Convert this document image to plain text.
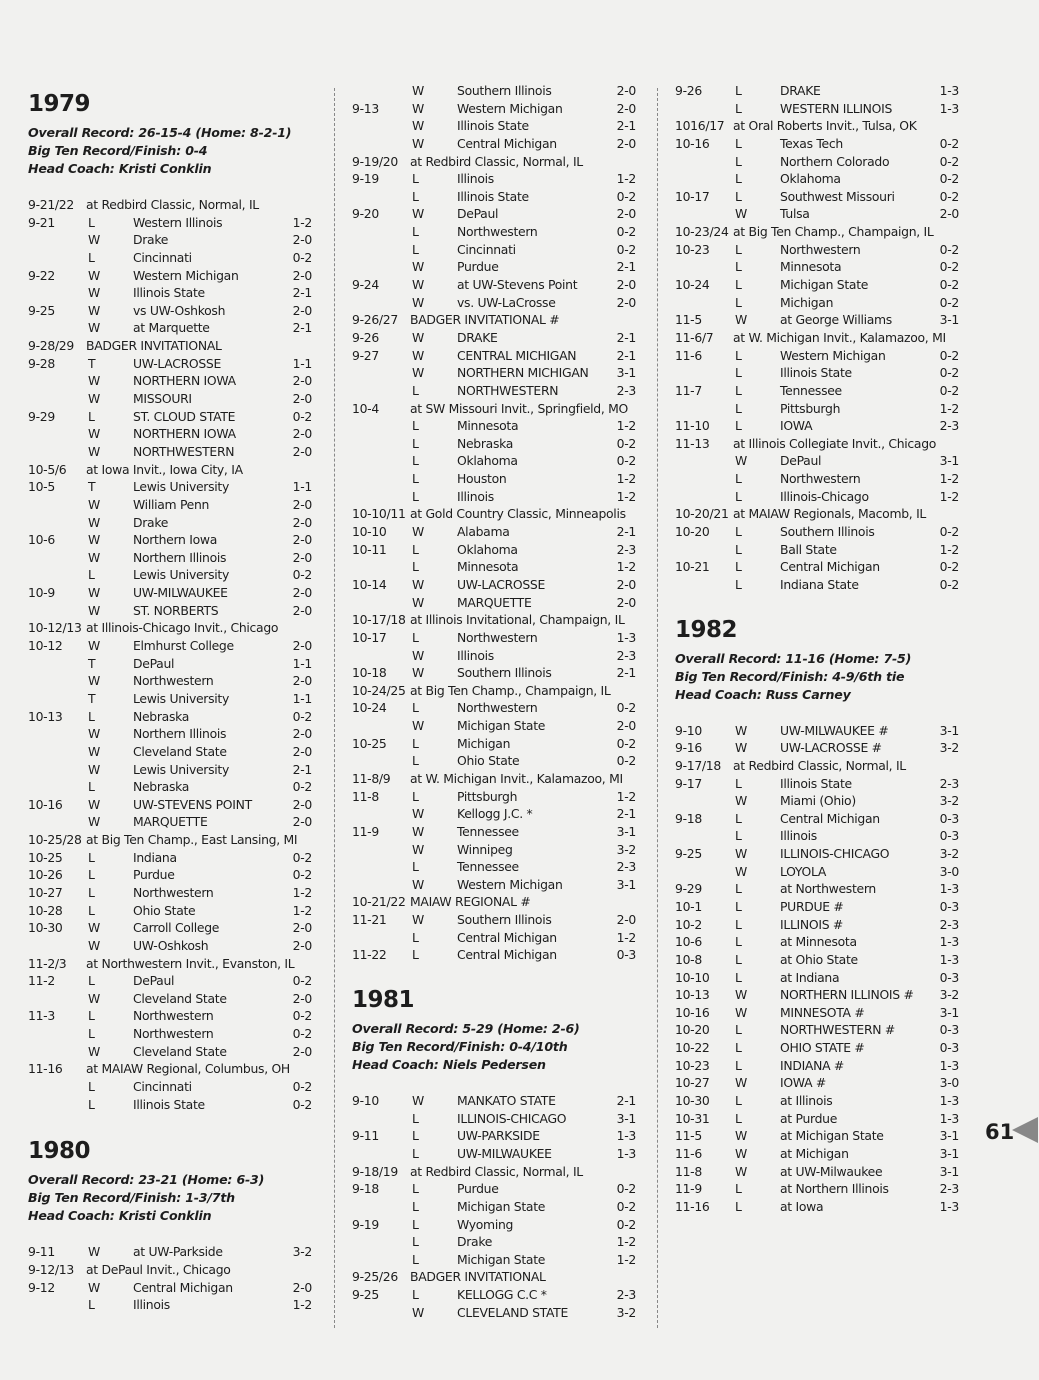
1979
Overall Record: 26-15-4 (Home: 8-2-1)
Big Ten Record/Finish: 0-4
Head Coach: Kristi Conklin
9-21/22 at Redbird Classic, Normal, IL
9-21	L	Western Illinois	1-2
W	Drake	2-0
L	Cincinnati	0-2
9-22	W	Western Michigan	2-0
W	Illinois State	2-1
9-25	W	vs UW-Oshkosh	2-0
W	at Marquette	2-1
9-28/29 BADGER INVITATIONAL
9-28	T	UW-LACROSSE	1-1
W	NORTHERN IOWA	2-0
W	MISSOURI	2-0
9-29	L	ST. CLOUD STATE	0-2
W	NORTHERN IOWA	2-0
W	NORTHWESTERN	2-0
10-5/6 at Iowa Invit., Iowa City, IA
10-5	T	Lewis University	1-1
W	William Penn	2-0
W	Drake	2-0
10-6	W	Northern Iowa	2-0
W	Northern Illinois	2-0
L	Lewis University	0-2
10-9	W	UW-MILWAUKEE	2-0
W	ST. NORBERTS	2-0
10-12/13 at Illinois-Chicago Invit., Chicago
10-12 W	Elmhurst College	2-0
T	DePaul	1-1
W	Northwestern	2-0
T	Lewis University	1-1
10-13 L	Nebraska	0-2
W	Northern Illinois	2-0
W	Cleveland State	2-0
W	Lewis University	2-1
L	Nebraska	0-2
10-16 W	UW-STEVENS POINT	2-0
W	MARQUETTE	2-0
10-25/28 at Big Ten Champ., East Lansing, MI
10-25 L	Indiana	0-2
10-26 L	Purdue	0-2
10-27 L	Northwestern	1-2
10-28 L	Ohio State	1-2
10-30 W	Carroll College	2-0
W	UW-Oshkosh	2-0
11-2/3 at Northwestern Invit., Evanston, IL
11-2	L	DePaul	0-2
W	Cleveland State	2-0
11-3	L	Northwestern	0-2
L	Northwestern	0-2
W	Cleveland State	2-0
11-16 at MAIAW Regional, Columbus, OH
L	Cincinnati	0-2
L	Illinois State	0-2
1980
Overall Record: 23-21 (Home: 6-3)
Big Ten Record/Finish: 1-3/7th
Head Coach: Kristi Conklin
9-11	W	at UW-Parkside	3-2
9-12/13 at DePaul Invit., Chicago
9-12	W	Central Michigan	2-0
L	Illinois	1-2
W	Southern Illinois	2-0
9-13	W	Western Michigan	2-0
W	Illinois State	2-1
W	Central Michigan	2-0
9-19/20 at Redbird Classic, Normal, IL
9-19	L	Illinois	1-2
L	Illinois State	0-2
9-20	W	DePaul	2-0
L	Northwestern	0-2
L	Cincinnati	0-2
W	Purdue	2-1
9-24	W	at UW-Stevens Point	2-0
W	vs. UW-LaCrosse	2-0
9-26/27 BADGER INVITATIONAL #
9-26	W	DRAKE	2-1
9-27	W	CENTRAL MICHIGAN	2-1
W	NORTHERN MICHIGAN 3-1
L	NORTHWESTERN	2-3
10-4	at SW Missouri Invit., Springfield, MO
L	Minnesota	1-2
L	Nebraska	0-2
L	Oklahoma	0-2
L	Houston	1-2
L	Illinois	1-2
10-10/11 at Gold Country Classic, Minneapolis
10-10 W	Alabama	2-1
10-11 L	Oklahoma	2-3
L	Minnesota	1-2
10-14 W	UW-LACROSSE	2-0
W	MARQUETTE	2-0
10-17/18 at Illinois Invitational, Champaign, IL
10-17 L	Northwestern	1-3
W	Illinois	2-3
10-18 W	Southern Illinois	2-1
10-24/25 at Big Ten Champ., Champaign, IL
10-24 L	Northwestern	0-2
W	Michigan State	2-0
10-25 L	Michigan	0-2
L	Ohio State	0-2
11-8/9 at W. Michigan Invit., Kalamazoo, MI
11-8	L	Pittsburgh	1-2
W	Kellogg J.C. *	2-1
11-9	W	Tennessee	3-1
W	Winnipeg	3-2
L	Tennessee	2-3
W	Western Michigan	3-1
10-21/22 MAIAW REGIONAL #
11-21 W	Southern Illinois	2-0
L	Central Michigan	1-2
11-22 L	Central Michigan	0-3
1981
Overall Record: 5-29 (Home: 2-6)
Big Ten Record/Finish: 0-4/10th
Head Coach: Niels Pedersen
9-10	W	MANKATO STATE	2-1
L	ILLINOIS-CHICAGO	3-1
9-11	L	UW-PARKSIDE	1-3
L	UW-MILWAUKEE	1-3
9-18/19 at Redbird Classic, Normal, IL
9-18	L	Purdue	0-2
L	Michigan State	0-2
9-19	L	Wyoming	0-2
L	Drake	1-2
L	Michigan State	1-2
9-25/26 BADGER INVITATIONAL
9-25	L	KELLOGG C.C *	2-3
W	CLEVELAND STATE	3-2
9-26	L	DRAKE	1-3
L	WESTERN ILLINOIS	1-3
1016/17 at Oral Roberts Invit., Tulsa, OK
10-16 L	Texas Tech	0-2
L	Northern Colorado	0-2
L	Oklahoma	0-2
10-17 L	Southwest Missouri	0-2
W	Tulsa	2-0
10-23/24 at Big Ten Champ., Champaign, IL
10-23 L	Northwestern	0-2
L	Minnesota	0-2
10-24 L	Michigan State	0-2
L	Michigan	0-2
11-5	W	at George Williams	3-1
11-6/7 at W. Michigan Invit., Kalamazoo, MI
11-6	L	Western Michigan	0-2
L	Illinois State	0-2
11-7	L	Tennessee	0-2
L	Pittsburgh	1-2
11-10 L	IOWA	2-3
11-13 at Illinois Collegiate Invit., Chicago
W	DePaul	3-1
L	Northwestern	1-2
L	Illinois-Chicago	1-2
10-20/21 at MAIAW Regionals, Macomb, IL
10-20 L	Southern Illinois	0-2
L	Ball State	1-2
10-21 L	Central Michigan	0-2
L	Indiana State	0-2
1982
Overall Record: 11-16 (Home: 7-5)
Big Ten Record/Finish: 4-9/6th tie
Head Coach: Russ Carney
9-10	W	UW-MILWAUKEE #	3-1
9-16	W	UW-LACROSSE #	3-2
9-17/18 at Redbird Classic, Normal, IL
9-17	L	Illinois State	2-3
W	Miami (Ohio)	3-2
9-18	L	Central Michigan	0-3
L	Illinois	0-3
9-25	W	ILLINOIS-CHICAGO	3-2
W	LOYOLA	3-0
9-29	L	at Northwestern	1-3
10-1	L	PURDUE #	0-3
10-2	L	ILLINOIS #	2-3
10-6	L	at Minnesota	1-3
10-8	L	at Ohio State	1-3
10-10 L	at Indiana	0-3
10-13 W	NORTHERN ILLINOIS # 3-2
10-16 W	MINNESOTA #	3-1
10-20 L	NORTHWESTERN #	0-3
10-22 L	OHIO STATE #	0-3
10-23 L	INDIANA #	1-3
10-27 W	IOWA #	3-0
10-30 L	at Illinois	1-3
10-31 L	at Purdue	1-3
11-5	W	at Michigan State	3-1
11-6	W	at Michigan	3-1
11-8	W	at UW-Milwaukee	3-1
11-9	L	at Northern Illinois	2-3
11-16 L	at Iowa	1-3
61
